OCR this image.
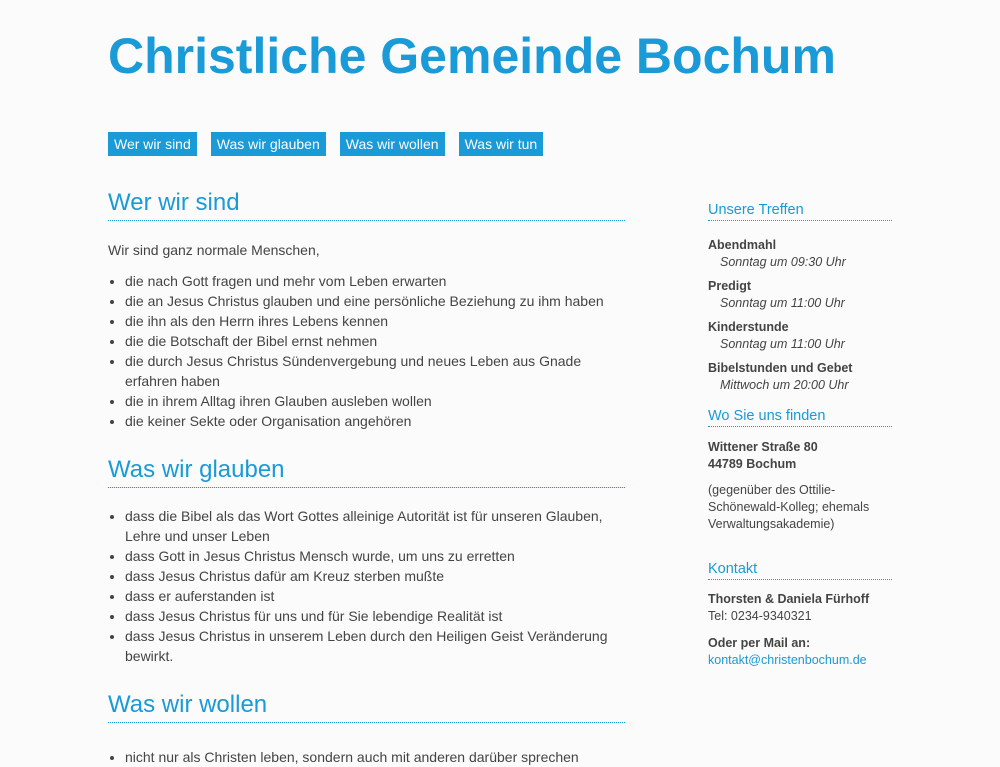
Christliche Gemeinde Bochum
Wer wir sind	Was wir glauben	Was wir wollen	Was wir tun
Wer wir sind

Wir sind ganz normale Menschen,

• die nach Gott fragen und mehr vom Leben erwarten
• die an Jesus Christus glauben und eine persönliche Beziehung zu ihm haben
• die ihn als den Herrn ihres Lebens kennen
• die die Botschaft der Bibel ernst nehmen
• die durch Jesus Christus Sündenvergebung und neues Leben aus Gnade erfahren haben
• die in ihrem Alltag ihren Glauben ausleben wollen
• die keiner Sekte oder Organisation angehören
Was wir glauben
• dass die Bibel als das Wort Gottes alleinige Autorität ist für unseren Glauben, Lehre und unser Leben
• dass Gott in Jesus Christus Mensch wurde, um uns zu erretten
• dass Jesus Christus dafür am Kreuz sterben mußte
• dass er auferstanden ist
• dass Jesus Christus für uns und für Sie lebendige Realität ist
• dass Jesus Christus in unserem Leben durch den Heiligen Geist Veränderung bewirkt.
Was wir wollen
• nicht nur als Christen leben, sondern auch mit anderen darüber sprechen
Unsere Treffen
Abendmahl
Sonntag um 09:30 Uhr
Predigt
Sonntag um 11:00 Uhr
Kinderstunde
Sonntag um 11:00 Uhr
Bibelstunden und Gebet
Mittwoch um 20:00 Uhr
Wo Sie uns finden
Wittener Straße 80
44789 Bochum
(gegenüber des Ottilie-Schönewald-Kolleg; ehemals Verwaltungsakademie)
Kontakt
Thorsten & Daniela Fürhoff
Tel: 0234-9340321
Oder per Mail an:
kontakt@christenbochum.de
